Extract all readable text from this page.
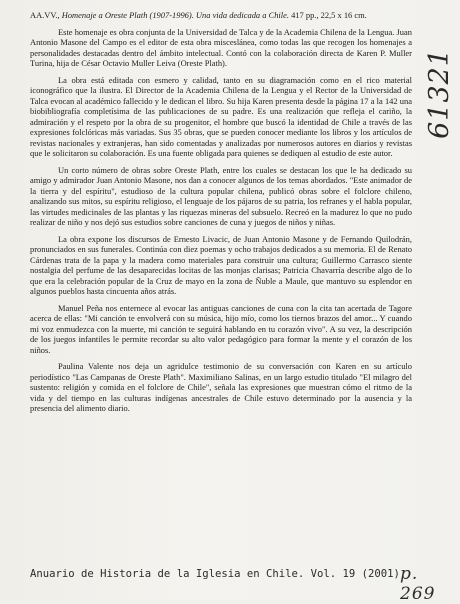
AA.VV., Homenaje a Oreste Plath (1907-1996). Una vida dedicada a Chile. 417 pp., 22,5 x 16 cm.

Este homenaje es obra conjunta de la Universidad de Talca y de la Academia Chilena de la Lengua. Juan Antonio Masone del Campo es el editor de esta obra misceslánea, como todas las que recogen los homenajes a personalidades destacadas dentro del ámbito intelectual. Contó con la colaboración directa de Karen P. Muller Turina, hija de César Octavio Muller Leiva (Oreste Plath).

La obra está editada con esmero y calidad, tanto en su diagramación como en el rico material iconográfico que la ilustra. El Director de la Academia Chilena de la Lengua y el Rector de la Universidad de Talca evocan al académico fallecido y le dedican el libro. Su hija Karen presenta desde la página 17 a la 142 una biobibliografía completísima de las publicaciones de su padre. Es una realización que refleja el cariño, la admiración y el respeto por la obra de su progenitor, el hombre que buscó la identidad de Chile a través de las expresiones folclóricas más variadas. Sus 35 obras, que se pueden conocer mediante los libros y los artículos de revistas nacionales y extranjeras, han sido comentadas y analizadas por numerosos autores en diarios y revistas que le solicitaron su colaboración. Es una fuente obligada para quienes se dediquen al estudio de este autor.

Un corto número de obras sobre Oreste Plath, entre los cuales se destacan los que le ha dedicado su amigo y admirador Juan Antonio Masone, nos dan a conocer algunos de los temas abordados. "Este animador de la tierra y del espíritu", estudioso de la cultura popular chilena, publicó obras sobre el folclore chileno, analizando sus mitos, su espíritu religioso, el lenguaje de los pájaros de su patria, los refranes y el habla popular, las virtudes medicinales de las plantas y las riquezas mineras del subsuelo. Recreó en la madurez lo que no pudo realizar de niño y nos dejó sus estudios sobre canciones de cuna y juegos de niños y niñas.

La obra expone los discursos de Ernesto Livacic, de Juan Antonio Masone y de Fernando Quilodrán, pronunciados en sus funerales. Continúa con diez poemas y ocho trabajos dedicados a su memoria. El de Renato Cárdenas trata de la papa y la madera como materiales para construir una cultura; Guillermo Carrasco siente nostalgia del perfume de las desaparecidas locitas de las monjas clarisas; Patricia Chavarría describe algo de lo que era la celebración popular de la Cruz de mayo en la zona de Ñuble a Maule, que mantuvo su esplendor en algunos pueblos hasta cincuenta años atrás.

Manuel Peña nos enternece al evocar las antiguas canciones de cuna con la cita tan acertada de Tagore acerca de ellas: "Mi canción te envolverá con su música, hijo mío, como los tiernos brazos del amor... Y cuando mi voz enmudezca con la muerte, mi canción te seguirá hablando en tu corazón vivo". A su vez, la descripción de los juegos infantiles le permite recordar su alto valor pedagógico para formar la mente y el corazón de los niños.

Paulina Valente nos deja un agridulce testimonio de su conversación con Karen en su artículo periodístico "Las Campanas de Oreste Plath". Maximiliano Salinas, en un largo estudio titulado "El milagro del sustento: religión y comida en el folclore de Chile", señala las expresiones que muestran cómo el ritmo de la vida y del tiempo en las culturas indígenas ancestrales de Chile estuvo determinado por la ausencia y la presencia del alimento diario.

61321
Anuario de Historia de la Iglesia en Chile. Vol. 19 (2001) p. 269
